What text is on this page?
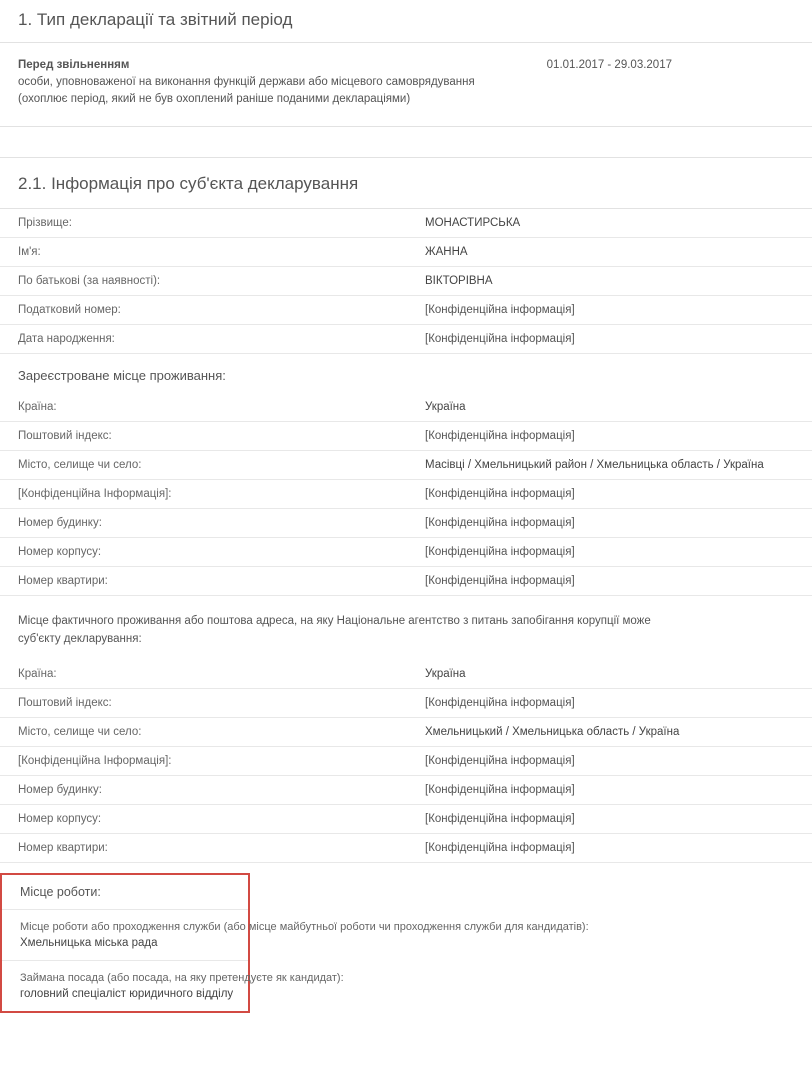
1. Тип декларації та звітний період
Перед звільненням
особи, уповноваженої на виконання функцій держави або місцевого самоврядування
(охоплює період, який не був охоплений раніше поданими деклараціями)
01.01.2017 - 29.03.2017
2.1. Інформація про суб'єкта декларування
Прізвище:	МОНАСТИРСЬКА
Ім'я:	ЖАННА
По батькові (за наявності):	ВІКТОРІВНА
Податковий номер:	[Конфіденційна інформація]
Дата народження:	[Конфіденційна інформація]
Зареєстроване місце проживання:
Країна:	Україна
Поштовий індекс:	[Конфіденційна інформація]
Місто, селище чи село:	Масівці / Хмельницький район / Хмельницька область / Україна
[Конфіденційна Інформація]:	[Конфіденційна інформація]
Номер будинку:	[Конфіденційна інформація]
Номер корпусу:	[Конфіденційна інформація]
Номер квартири:	[Конфіденційна інформація]
Місце фактичного проживання або поштова адреса, на яку Національне агентство з питань запобігання корупції може
суб'єкту декларування:
Країна:	Україна
Поштовий індекс:	[Конфіденційна інформація]
Місто, селище чи село:	Хмельницький / Хмельницька область / Україна
[Конфіденційна Інформація]:	[Конфіденційна інформація]
Номер будинку:	[Конфіденційна інформація]
Номер корпусу:	[Конфіденційна інформація]
Номер квартири:	[Конфіденційна інформація]
Місце роботи:
Місце роботи або проходження служби (або місце майбутньої роботи чи проходження служби для кандидатів):
Хмельницька міська рада
Займана посада (або посада, на яку претендуєте як кандидат):
головний спеціаліст юридичного відділу
